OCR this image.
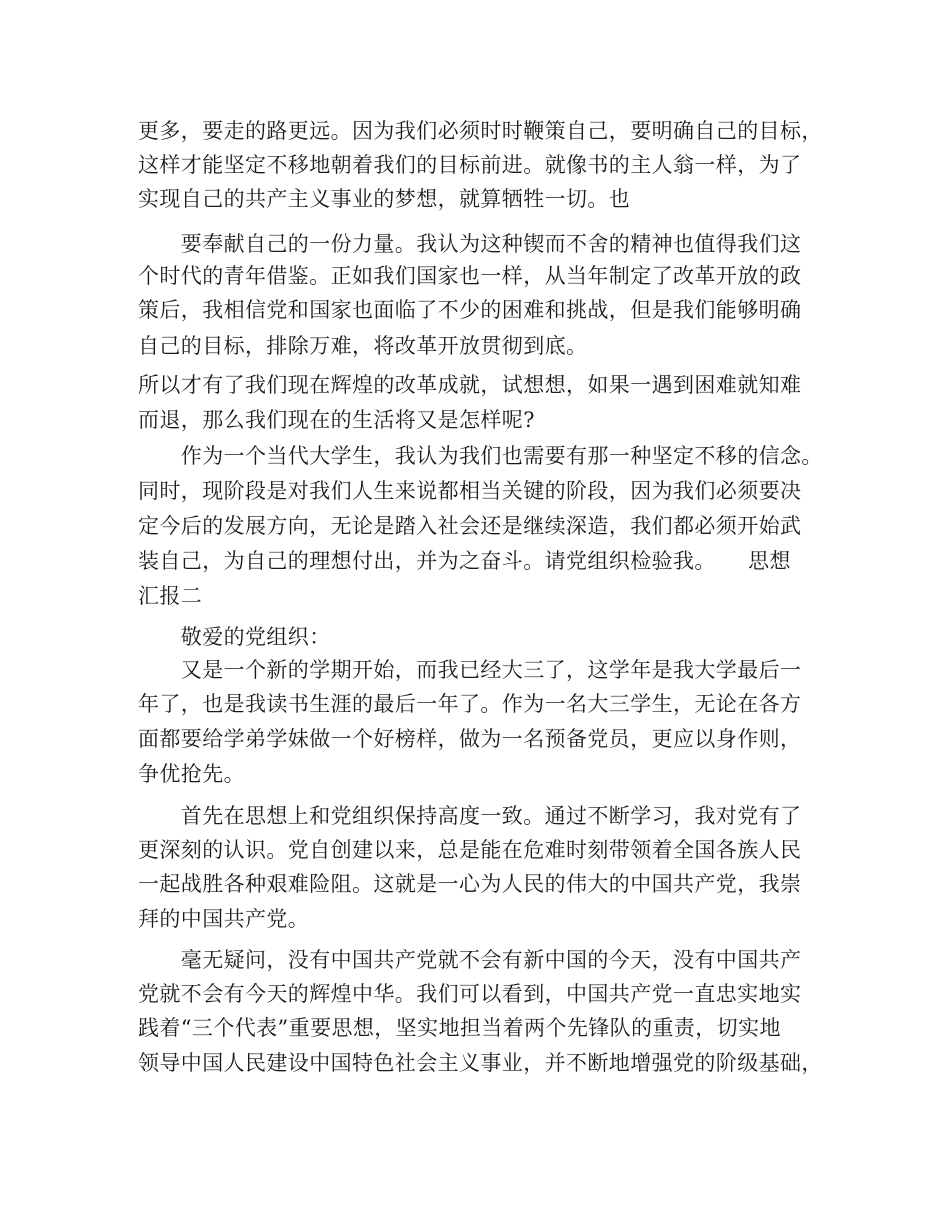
更多，要走的路更远。因为我们必须时时鞭策自己，要明确自己的目标，
这样才能坚定不移地朝着我们的目标前进。就像书的主人翁一样，为了
实现自己的共产主义事业的梦想，就算牺牲一切。也
　　要奉献自己的一份力量。我认为这种锲而不舍的精神也值得我们这
个时代的青年借鉴。正如我们国家也一样，从当年制定了改革开放的政
策后，我相信党和国家也面临了不少的困难和挑战，但是我们能够明确
自己的目标，排除万难，将改革开放贯彻到底。
所以才有了我们现在辉煌的改革成就，试想想，如果一遇到困难就知难
而退，那么我们现在的生活将又是怎样呢?
　　作为一个当代大学生，我认为我们也需要有那一种坚定不移的信念。
同时，现阶段是对我们人生来说都相当关键的阶段，因为我们必须要决
定今后的发展方向，无论是踏入社会还是继续深造，我们都必须开始武
装自己，为自己的理想付出，并为之奋斗。请党组织检验我。　　思想
汇报二
　　敬爱的党组织：
　　又是一个新的学期开始，而我已经大三了，这学年是我大学最后一
年了，也是我读书生涯的最后一年了。作为一名大三学生，无论在各方
面都要给学弟学妹做一个好榜样，做为一名预备党员，更应以身作则，
争优抢先。
　　首先在思想上和党组织保持高度一致。通过不断学习，我对党有了
更深刻的认识。党自创建以来，总是能在危难时刻带领着全国各族人民
一起战胜各种艰难险阻。这就是一心为人民的伟大的中国共产党，我崇
拜的中国共产党。
　　毫无疑问，没有中国共产党就不会有新中国的今天，没有中国共产
党就不会有今天的辉煌中华。我们可以看到，中国共产党一直忠实地实
践着“三个代表”重要思想，坚实地担当着两个先锋队的重责，切实地
领导中国人民建设中国特色社会主义事业，并不断地增强党的阶级基础，
